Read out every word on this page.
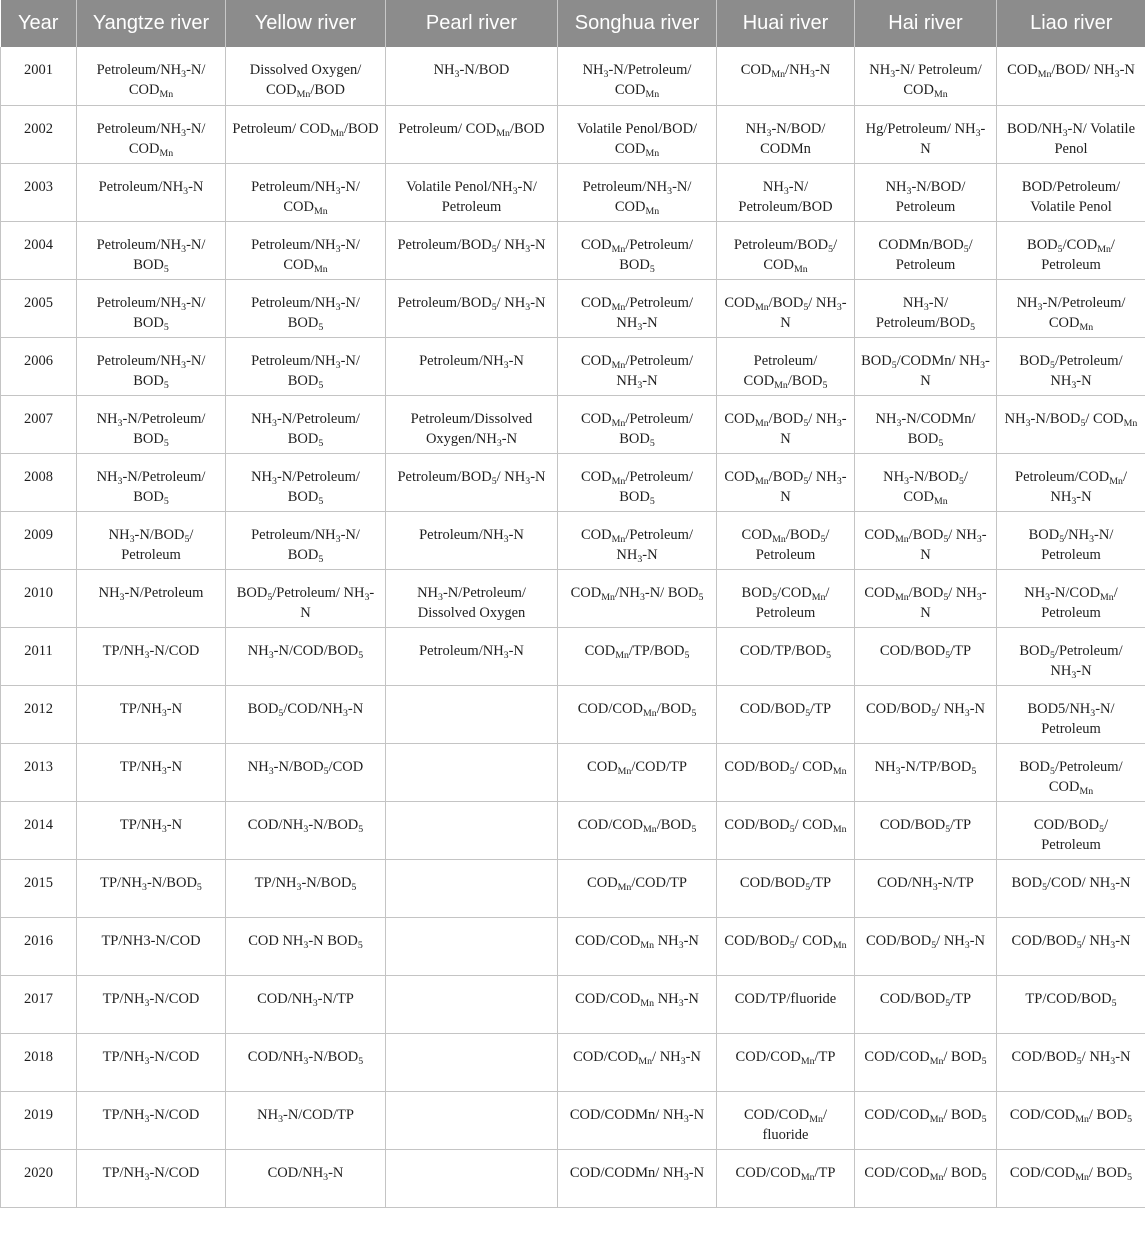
Year	Yangtze river	Yellow river	Pearl river	Songhua river	Huai river	Hai river	Liao river
2001	Petroleum/$NH_3-N/$ $COD_{Mn}$	Dissolved Oxygen/ $COD_{Mn}$/BOD	$NH_3-N$/BOD	$NH_3-N/Petroleum/$ $COD_{Mn}$	$COD_{Mn}/NH_3-N$	$NH_3-N/$ Petroleum/ $COD_{Mn}$	$COD_{Mn}/BOD/$ $NH_3-N$
2002	Petroleum/$NH_3-N/$ $COD_{Mn}$	Petroleum/ $COD_{Mn}$/BOD	Petroleum/ $COD_{Mn}$/BOD	Volatile Penol/BOD/ $COD_{Mn}$	$NH_3-N/BOD/$ CODMn	Hg/Petroleum/ $NH_3-N$	BOD/$NH_3-N/$ Volatile Penol
2003	Petroleum/$NH_3-N$	Petroleum/$NH_3-N/$ $COD_{Mn}$	Volatile Penol/$NH_3-N/$ Petroleum	Petroleum/$NH_3-N/$ $COD_{Mn}$	$NH_3-N/$ Petroleum/BOD	$NH_3-N/BOD/$ Petroleum	BOD/Petroleum/ Volatile Penol
2004	Petroleum/$NH_3-N/$ $BOD_5$	Petroleum/$NH_3-N/$ $COD_{Mn}$	Petroleum/$BOD_5/$ $NH_3-N$	$COD_{Mn}/Petroleum/$ $BOD_5$	Petroleum/$BOD_5/$ $COD_{Mn}$	CODMn/$BOD_5/$ Petroleum	$BOD_5/COD_{Mn}/$ Petroleum
2005	Petroleum/$NH_3-N/$ $BOD_5$	Petroleum/$NH_3-N/$ $BOD_5$	Petroleum/$BOD_5/$ $NH_3-N$	$COD_{Mn}/Petroleum/$ $NH_3-N$	$COD_{Mn}/BOD_5/$ $NH_3-N$	$NH_3-N/$ Petroleum/$BOD_5$	$NH_3-N/Petroleum/$ $COD_{Mn}$
2006	Petroleum/$NH_3-N/$ $BOD_5$	Petroleum/$NH_3-N/$ $BOD_5$	Petroleum/$NH_3-N$	$COD_{Mn}/Petroleum/$ $NH_3-N$	Petroleum/ $COD_{Mn}/BOD_5$	$BOD_5/CODMn/$ $NH_3-N$	$BOD_5/Petroleum/$ $NH_3-N$
2007	$NH_3-N/Petroleum/$ $BOD_5$	$NH_3-N/Petroleum/$ $BOD_5$	Petroleum/Dissolved Oxygen/$NH_3-N$	$COD_{Mn}/Petroleum/$ $BOD_5$	$COD_{Mn}/BOD_5/$ $NH_3-N$	$NH_3-N/CODMn/$ $BOD_5$	$NH_3-N/BOD_5/$ $COD_{Mn}$
2008	$NH_3-N/Petroleum/$ $BOD_5$	$NH_3-N/Petroleum/$ $BOD_5$	Petroleum/$BOD_5/$ $NH_3-N$	$COD_{Mn}/Petroleum/$ $BOD_5$	$COD_{Mn}/BOD_5/$ $NH_3-N$	$NH_3-N/BOD_5/$ $COD_{Mn}$	Petroleum/$COD_{Mn}/$ $NH_3-N$
2009	$NH_3-N/BOD_5/$ Petroleum	Petroleum/$NH_3-N/$ $BOD_5$	Petroleum/$NH_3-N$	$COD_{Mn}/Petroleum/$ $NH_3-N$	$COD_{Mn}/BOD_5/$ Petroleum	$COD_{Mn}/BOD_5/$ $NH_3-N$	$BOD_5/NH_3-N/$ Petroleum
2010	$NH_3-N$/Petroleum	$BOD_5/Petroleum/$ $NH_3-N$	$NH_3-N/Petroleum/$ Dissolved Oxygen	$COD_{Mn}/NH_3-N/$ $BOD_5$	$BOD_5/COD_{Mn}/$ Petroleum	$COD_{Mn}/BOD_5/$ $NH_3-N$	$NH_3-N/COD_{Mn}/$ Petroleum
2011	$TP/NH_3-N$/COD	$NH_3-N/COD/BOD_5$	Petroleum/$NH_3-N$	$COD_{Mn}/TP/BOD_5$	COD/$TP/BOD_5$	COD/$BOD_5/TP$	$BOD_5/Petroleum/$ $NH_3-N$
2012	$TP/NH_3-N$	$BOD_5/COD/NH_3-N$		COD/$COD_{Mn}/BOD_5$	COD/$BOD_5/TP$	COD/$BOD_5/$ $NH_3-N$	$BOD5/NH_3-N/$ Petroleum
2013	$TP/NH_3-N$	$NH_3-N/BOD_5$/COD		$COD_{Mn}/COD/TP$	COD/$BOD_5/$ $COD_{Mn}$	$NH_3-N/TP/BOD_5$	$BOD_5/Petroleum/$ $COD_{Mn}$
2014	$TP/NH_3-N$	COD/$NH_3-N/BOD_5$		COD/$COD_{Mn}/BOD_5$	COD/$BOD_5/$ $COD_{Mn}$	COD/$BOD_5/TP$	COD/$BOD_5/$ Petroleum
2015	$TP/NH_3-N/BOD_5$	$TP/NH_3-N/BOD_5$		$COD_{Mn}/COD/TP$	COD/$BOD_5/TP$	COD/$NH_3-N/TP$	$BOD_5/COD/$ $NH_3-N$
2016	TP/NH3-N/COD	COD $NH_3-N$ $BOD_5$		COD/$COD_{Mn}$ $NH_3-N$	COD/$BOD_5/$ $COD_{Mn}$	COD/$BOD_5/$ $NH_3-N$	COD/$BOD_5/$ $NH_3-N$
2017	$TP/NH_3-N$/COD	COD/$NH_3-N/TP$		COD/$COD_{Mn}$ $NH_3-N$	COD/TP/fluoride	COD/$BOD_5/TP$	$TP/COD/BOD_5$
2018	$TP/NH_3-N$/COD	COD/$NH_3-N/BOD_5$		COD/$COD_{Mn}/$ $NH_3-N$	COD/$COD_{Mn}/TP$	COD/$COD_{Mn}/$ $BOD_5$	COD/$BOD_5/$ $NH_3-N$
2019	$TP/NH_3-N$/COD	$NH_3-N/COD/TP$		COD/CODMn/ $NH_3-N$	COD/$COD_{Mn}/$ fluoride	COD/$COD_{Mn}/$ $BOD_5$	COD/$COD_{Mn}/$ $BOD_5$
2020	$TP/NH_3-N$/COD	COD/$NH_3-N$		COD/CODMn/ $NH_3-N$	COD/$COD_{Mn}/TP$	COD/$COD_{Mn}/$ $BOD_5$	COD/$COD_{Mn}/$ $BOD_5$
